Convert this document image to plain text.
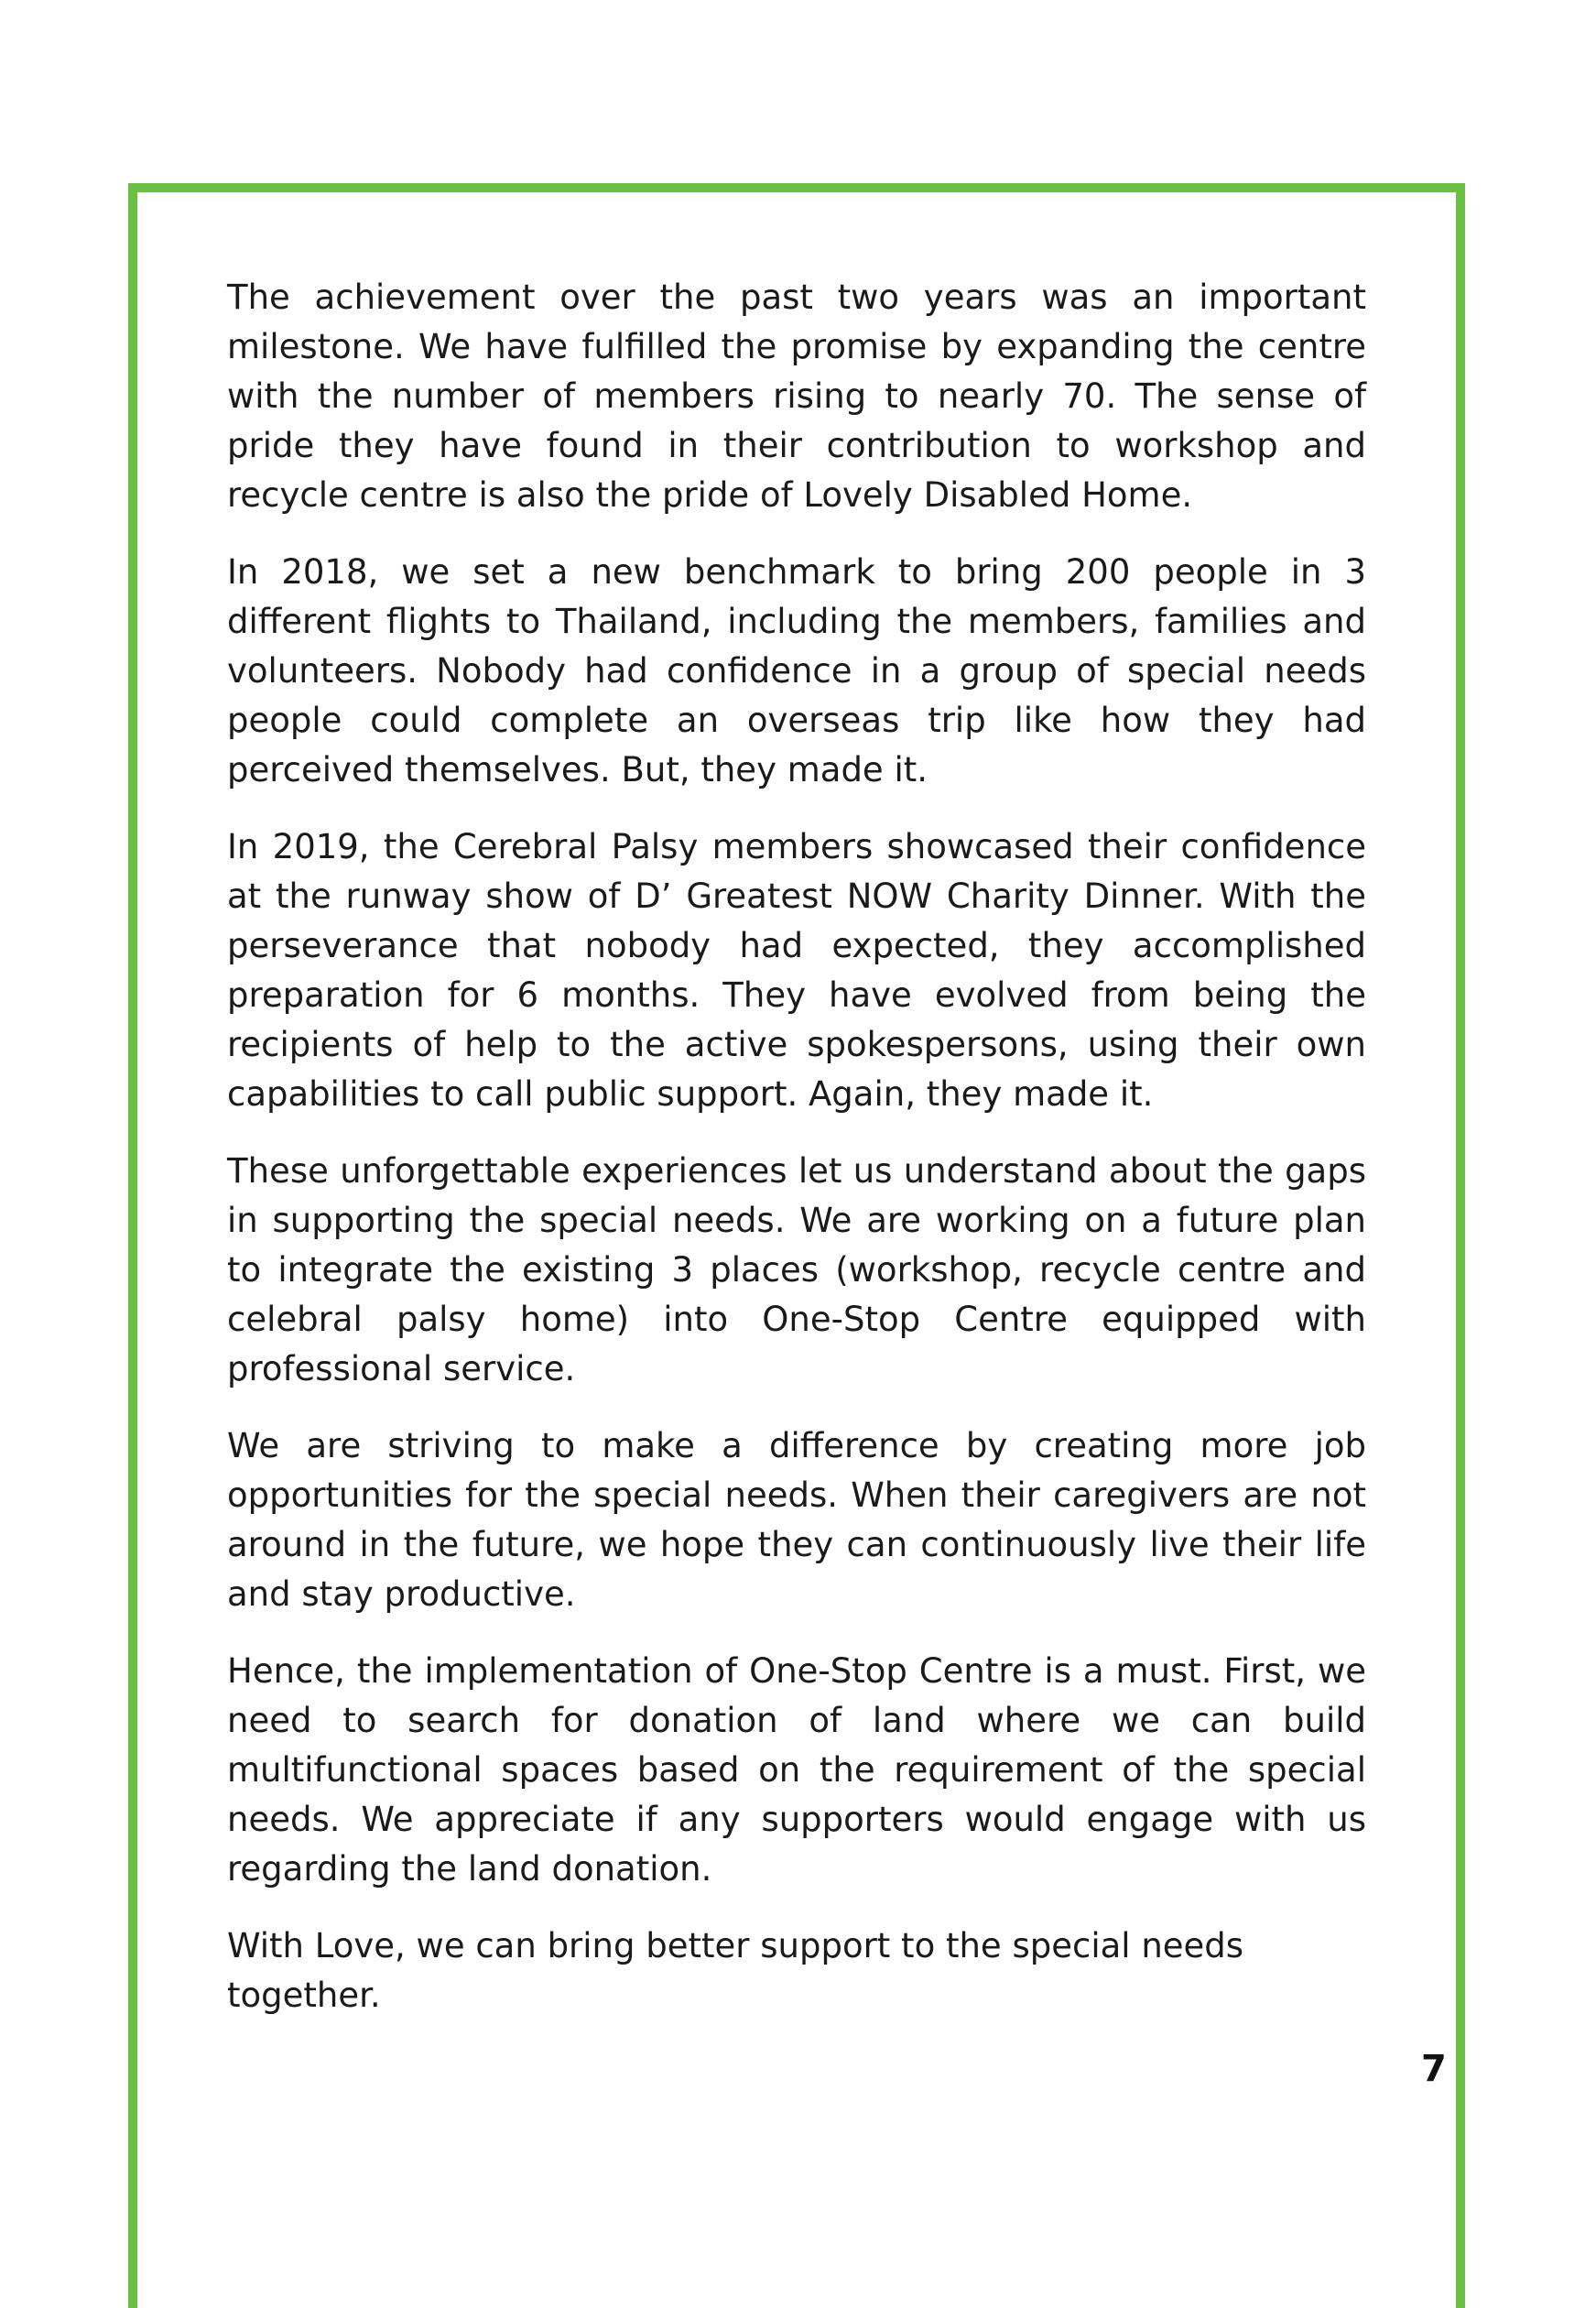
The achievement over the past two years was an important milestone. We have fulfilled the promise by expanding the centre with the number of members rising to nearly 70. The sense of pride they have found in their contribution to workshop and recycle centre is also the pride of Lovely Disabled Home.

In 2018, we set a new benchmark to bring 200 people in 3 different flights to Thailand, including the members, families and volunteers. Nobody had confidence in a group of special needs people could complete an overseas trip like how they had perceived themselves. But, they made it.

In 2019, the Cerebral Palsy members showcased their confidence at the runway show of D’ Greatest NOW Charity Dinner. With the perseverance that nobody had expected, they accomplished preparation for 6 months. They have evolved from being the recipients of help to the active spokespersons, using their own capabilities to call public support. Again, they made it.

These unforgettable experiences let us understand about the gaps in supporting the special needs. We are working on a future plan to integrate the existing 3 places (workshop, recycle centre and celebral palsy home) into One-Stop Centre equipped with professional service.

We are striving to make a difference by creating more job opportunities for the special needs. When their caregivers are not around in the future, we hope they can continuously live their life and stay productive.

Hence, the implementation of One-Stop Centre is a must. First, we need to search for donation of land where we can build multifunctional spaces based on the requirement of the special needs. We appreciate if any supporters would engage with us regarding the land donation.

With Love, we can bring better support to the special needs together.

7
